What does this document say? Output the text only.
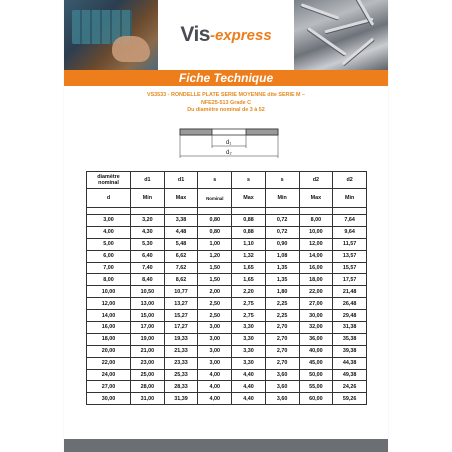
Vis -express
Fiche Technique
VS3533 - RONDELLE PLATE SERIE MOYENNE dite SERIE M –
NFE25-513 Grade C
Du diamètre nominal de 3 à 52
d₁
d₂
diamètre nominal	d1	d1	s	s	s	d2	d2
d	Min	Max	Nominal	Max	Min	Max	Min

3,00	3,20	3,38	0,80	0,88	0,72	8,00	7,64
4,00	4,30	4,48	0,80	0,88	0,72	10,00	9,64
5,00	5,30	5,48	1,00	1,10	0,90	12,00	11,57
6,00	6,40	6,62	1,20	1,32	1,08	14,00	13,57
7,00	7,40	7,62	1,50	1,65	1,35	16,00	15,57
8,00	8,40	8,62	1,50	1,65	1,35	18,00	17,57
10,00	10,50	10,77	2,00	2,20	1,80	22,00	21,48
12,00	13,00	13,27	2,50	2,75	2,25	27,00	26,48
14,00	15,00	15,27	2,50	2,75	2,25	30,00	29,48
16,00	17,00	17,27	3,00	3,30	2,70	32,00	31,38
18,00	19,00	19,33	3,00	3,30	2,70	36,00	35,38
20,00	21,00	21,33	3,00	3,30	2,70	40,00	39,38
22,00	23,00	23,33	3,00	3,30	2,70	45,00	44,38
24,00	25,00	25,33	4,00	4,40	3,60	50,00	49,38
27,00	28,00	28,33	4,00	4,40	3,60	55,00	24,26
30,00	31,00	31,39	4,00	4,40	3,60	60,00	59,26
